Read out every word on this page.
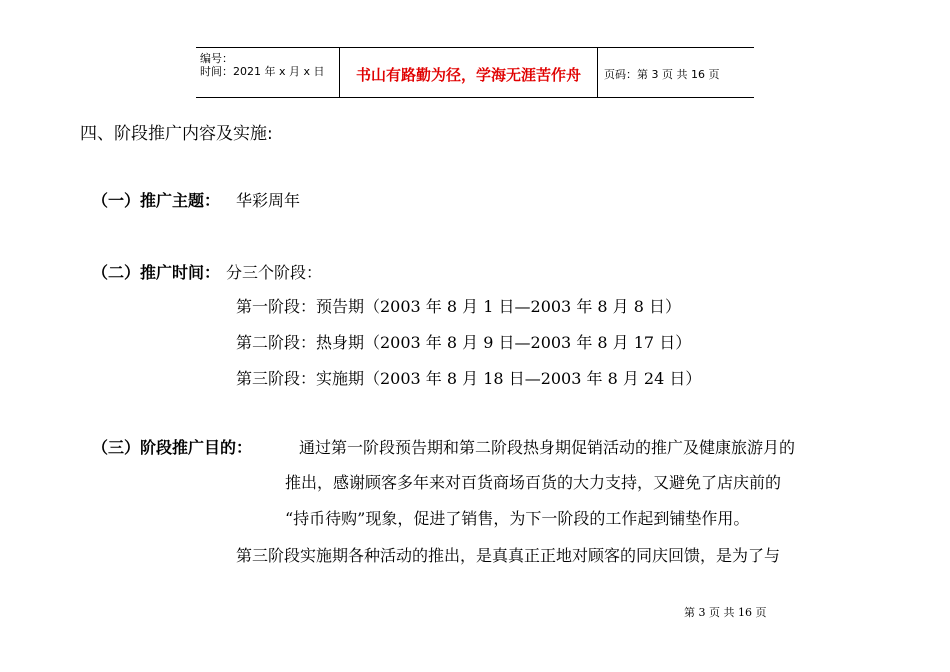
编号：
时间：2021 年 x 月 x 日	书山有路勤为径，学海无涯苦作舟	页码：第 3 页 共 16 页
四、阶段推广内容及实施:
（一）推广主题： 华彩周年
（二）推广时间： 分三个阶段：
第一阶段：预告期（2003 年 8 月 1 日—2003 年 8 月 8 日）
第二阶段：热身期（2003 年 8 月 9 日—2003 年 8 月 17 日）
第三阶段：实施期（2003 年 8 月 18 日—2003 年 8 月 24 日）
（三）阶段推广目的：	通过第一阶段预告期和第二阶段热身期促销活动的推广及健康旅游月的
推出，感谢顾客多年来对百货商场百货的大力支持，又避免了店庆前的
“持币待购”现象，促进了销售，为下一阶段的工作起到铺垫作用。
第三阶段实施期各种活动的推出，是真真正正地对顾客的同庆回馈，是为了与
第 3 页 共 16 页
